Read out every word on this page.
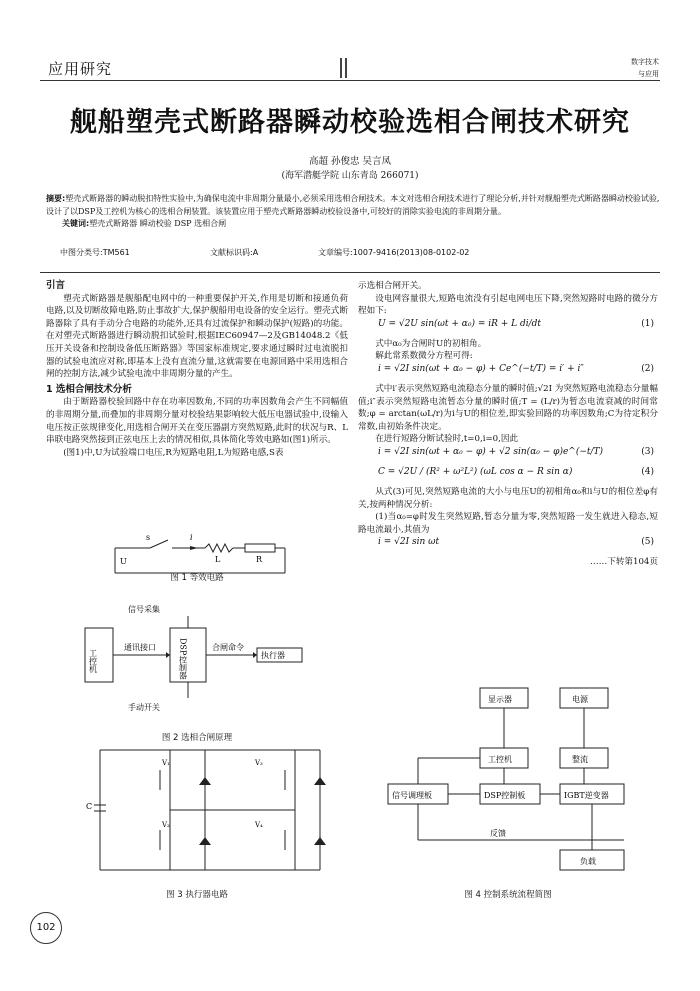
应用研究	数字技术
与应用
舰船塑壳式断路器瞬动校验选相合闸技术研究
高超 孙俊忠 吴言凤
(海军潜艇学院 山东青岛 266071)
摘要:塑壳式断路器的瞬动脱扣特性实验中,为确保电流中非周期分量最小,必须采用选相合闸技术。本文对选相合闸技术进行了理论分析,并针对舰船塑壳式断路器瞬动校验试验,设计了以DSP及工控机为核心的选相合闸装置。该装置应用于塑壳式断路器瞬动校验设备中,可较好的消除实验电流的非周期分量。
关键词:塑壳式断路器 瞬动校验 DSP 选相合闸
中图分类号:TM561	文献标识码:A	文章编号:1007-9416(2013)08-0102-02

引言

塑壳式断路器是舰船配电网中的一种重要保护开关,作用是切断和接通负荷电路,以及切断故障电路,防止事故扩大,保护舰船用电设备的安全运行。塑壳式断路器除了具有手动分合电路的功能外,还具有过流保护和瞬动保护(短路)的功能。在对塑壳式断路器进行瞬动脱扣试验时,根据IEC60947—2及GB14048.2《低压开关设备和控制设备低压断路器》等国家标准规定,要求通过瞬时过电流脱扣器的试验电流应对称,即基本上没有直流分量,这就需要在电源回路中采用选相合闸的控制方法,减少试验电流中非周期分量的产生。

1 选相合闸技术分析

由于断路器校验回路中存在功率因数角,不同的功率因数角会产生不同幅值的非周期分量,而叠加的非周期分量对校验结果影响较大低压电器试验中,设输入电压按正弦规律变化,用选相合闸开关在变压器副方突然短路,此时的状况与R、L串联电路突然接到正弦电压上去的情况相似,具体简化等效电路如(图1)所示。

(图1)中,U为试验端口电压,R为短路电阻,L为短路电感,S表

s	i
L	R
U
图 1 等效电路
信号采集
工控机	DSP控制器
通讯接口	合闸命令
执行器
手动开关
图 2 选相合闸原理
V₁
V₂
V₃
V₄
C
图 3 执行器电路

示选相合闸开关。

设电网容量很大,短路电流没有引起电网电压下降,突然短路时电路的微分方程如下:

U = √2U sin(ωt + α₀) = iR + L di/dt	(1)

式中α₀为合闸时U的初相角。

解此常系数微分方程可得:

i = √2I sin(ωt + α₀ − φ) + Ce^(−t/T) = i′ + i″	(2)

式中i′表示突然短路电流稳态分量的瞬时值;√2I 为突然短路电流稳态分量幅值;i″表示突然短路电流暂态分量的瞬时值;T = (L/r)为暂态电流衰减的时间常数;φ = arctan(ωL/r)为i与U的相位差,即实验回路的功率因数角;C为待定积分常数,由初始条件决定。

在进行短路分断试验时,t=0,i=0,因此

i = √2I sin(ωt + α₀ − φ) + √2 sin(α₀ − φ)e^(−t/T)	(3)
C = √2U / (R² + ω²L²) (ωL cos α − R sin α)	(4)

从式(3)可见,突然短路电流的大小与电压U的初相角α₀和i与U的相位差φ有关,按两种情况分析:

(1)当α₀=φ时发生突然短路,暂态分量为零,突然短路一发生就进入稳态,短路电流最小,其值为

i = √2I sin ωt	(5)
……下转第104页
显示器	电源
工控机	整流
信号调理板	DSP控制板	IGBT逆变器
反馈
负载
图 4 控制系统流程简图
102
